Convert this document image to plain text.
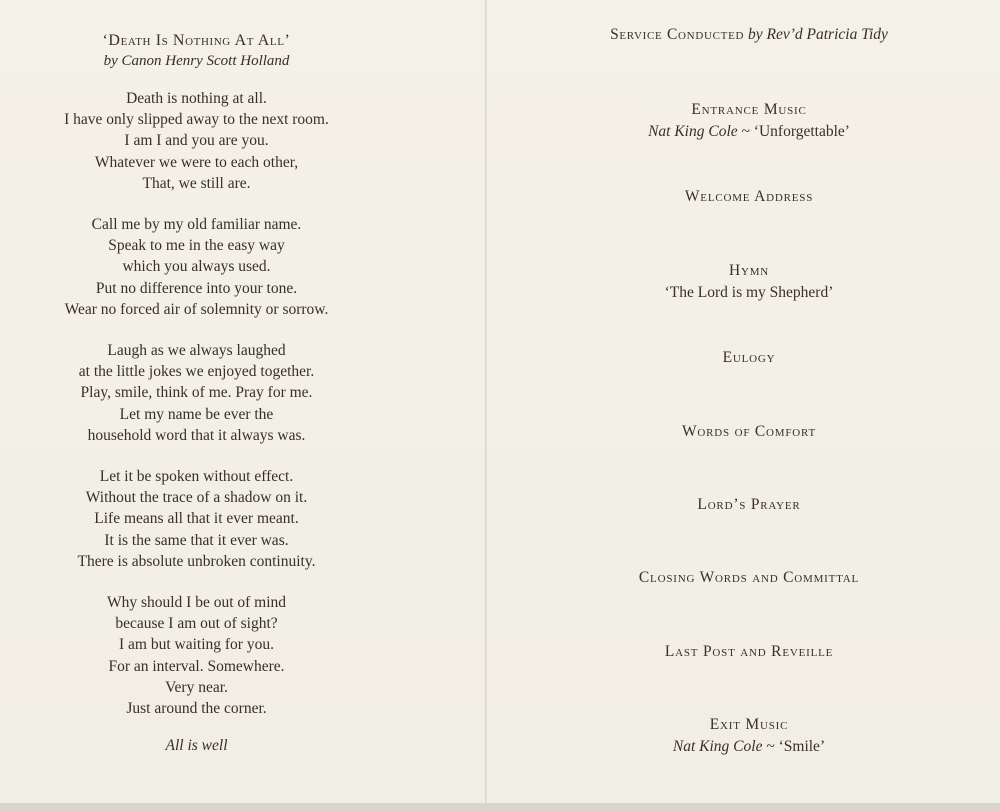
‘Death Is Nothing At All’
by Canon Henry Scott Holland
Death is nothing at all.
I have only slipped away to the next room.
I am I and you are you.
Whatever we were to each other,
That, we still are.
Call me by my old familiar name.
Speak to me in the easy way
which you always used.
Put no difference into your tone.
Wear no forced air of solemnity or sorrow.
Laugh as we always laughed
at the little jokes we enjoyed together.
Play, smile, think of me. Pray for me.
Let my name be ever the
household word that it always was.
Let it be spoken without effect.
Without the trace of a shadow on it.
Life means all that it ever meant.
It is the same that it ever was.
There is absolute unbroken continuity.
Why should I be out of mind
because I am out of sight?
I am but waiting for you.
For an interval. Somewhere.
Very near.
Just around the corner.
All is well
Service Conducted by Rev’d Patricia Tidy
Entrance Music
Nat King Cole ~ ‘Unforgettable’
Welcome Address
Hymn
‘The Lord is my Shepherd’
Eulogy
Words of Comfort
Lord’s Prayer
Closing Words and Committal
Last Post and Reveille
Exit Music
Nat King Cole ~ ‘Smile’
